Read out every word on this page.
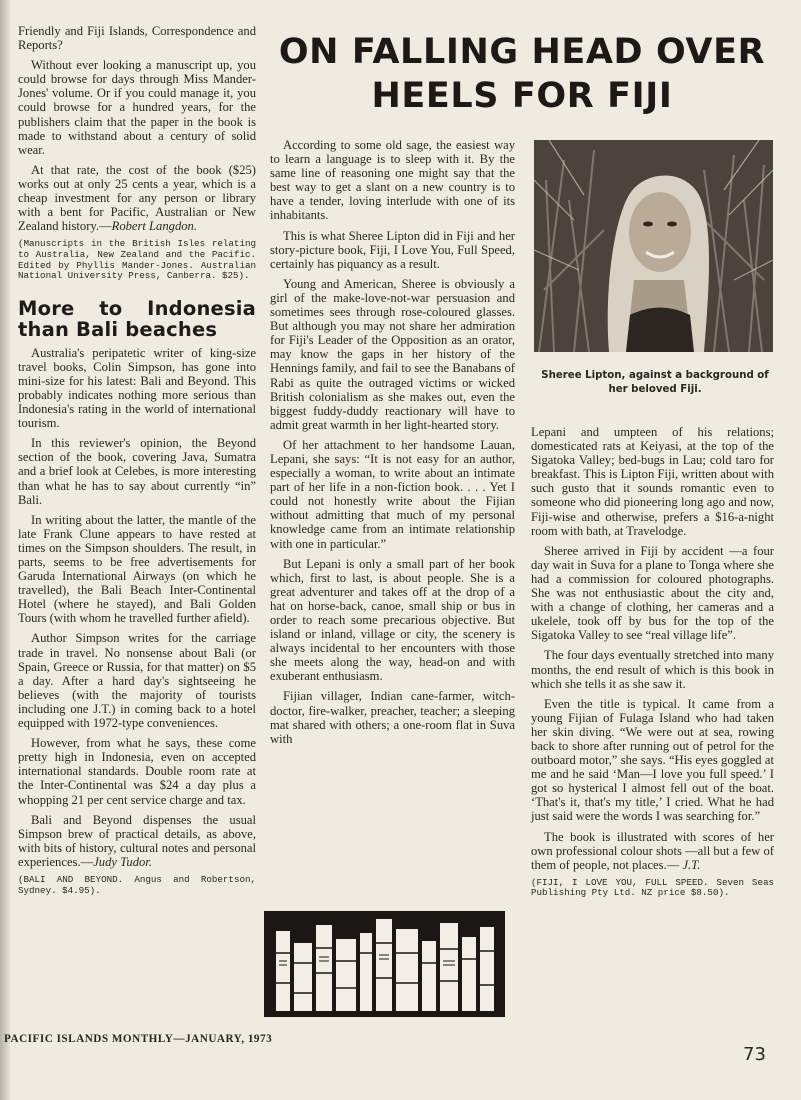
Friendly and Fiji Islands, Correspondence and Reports?

Without ever looking a manuscript up, you could browse for days through Miss Mander-Jones' volume. Or if you could manage it, you could browse for a hundred years, for the publishers claim that the paper in the book is made to withstand about a century of solid wear.

At that rate, the cost of the book ($25) works out at only 25 cents a year, which is a cheap investment for any person or library with a bent for Pacific, Australian or New Zealand history.—Robert Langdon.

(Manuscripts in the British Isles relating to Australia, New Zealand and the Pacific. Edited by Phyllis Mander-Jones. Australian National University Press, Canberra. $25).

More to Indonesia than Bali beaches

Australia's peripatetic writer of king-size travel books, Colin Simpson, has gone into mini-size for his latest: Bali and Beyond. This probably indicates nothing more serious than Indonesia's rating in the world of international tourism.

In this reviewer's opinion, the Beyond section of the book, covering Java, Sumatra and a brief look at Celebes, is more interesting than what he has to say about currently “in” Bali.

In writing about the latter, the mantle of the late Frank Clune appears to have rested at times on the Simpson shoulders. The result, in parts, seems to be free advertisements for Garuda International Airways (on which he travelled), the Bali Beach Inter-Continental Hotel (where he stayed), and Bali Golden Tours (with whom he travelled further afield).

Author Simpson writes for the carriage trade in travel. No nonsense about Bali (or Spain, Greece or Russia, for that matter) on $5 a day. After a hard day's sightseeing he believes (with the majority of tourists including one J.T.) in coming back to a hotel equipped with 1972-type conveniences.

However, from what he says, these come pretty high in Indonesia, even on accepted international standards. Double room rate at the Inter-Continental was $24 a day plus a whopping 21 per cent service charge and tax.

Bali and Beyond dispenses the usual Simpson brew of practical details, as above, with bits of history, cultural notes and personal experiences.—Judy Tudor.

(BALI AND BEYOND. Angus and Robertson, Sydney. $4.95).

ON FALLING HEAD OVER HEELS FOR FIJI

According to some old sage, the easiest way to learn a language is to sleep with it. By the same line of reasoning one might say that the best way to get a slant on a new country is to have a tender, loving interlude with one of its inhabitants.

This is what Sheree Lipton did in Fiji and her story-picture book, Fiji, I Love You, Full Speed, certainly has piquancy as a result.

Young and American, Sheree is obviously a girl of the make-love-not-war persuasion and sometimes sees through rose-coloured glasses. But although you may not share her admiration for Fiji's Leader of the Opposition as an orator, may know the gaps in her history of the Hennings family, and fail to see the Banabans of Rabi as quite the outraged victims or wicked British colonialism as she makes out, even the biggest fuddy-duddy reactionary will have to admit great warmth in her light-hearted story.

Of her attachment to her handsome Lauan, Lepani, she says: “It is not easy for an author, especially a woman, to write about an intimate part of her life in a non-fiction book. . . . Yet I could not honestly write about the Fijian without admitting that much of my personal knowledge came from an intimate relationship with one in particular.”

But Lepani is only a small part of her book which, first to last, is about people. She is a great adventurer and takes off at the drop of a hat on horse-back, canoe, small ship or bus in order to reach some precarious objective. But island or inland, village or city, the scenery is always incidental to her encounters with those she meets along the way, head-on and with exuberant enthusiasm.

Fijian villager, Indian cane-farmer, witch-doctor, fire-walker, preacher, teacher; a sleeping mat shared with others; a one-room flat in Suva with

Sheree Lipton, against a background of her beloved Fiji.

Lepani and umpteen of his relations; domesticated rats at Keiyasi, at the top of the Sigatoka Valley; bed-bugs in Lau; cold taro for breakfast. This is Lipton Fiji, written about with such gusto that it sounds romantic even to someone who did pioneering long ago and now, Fiji-wise and otherwise, prefers a $16-a-night room with bath, at Travelodge.

Sheree arrived in Fiji by accident —a four day wait in Suva for a plane to Tonga where she had a commission for coloured photographs. She was not enthusiastic about the city and, with a change of clothing, her cameras and a ukelele, took off by bus for the top of the Sigatoka Valley to see “real village life”.

The four days eventually stretched into many months, the end result of which is this book in which she tells it as she saw it.

Even the title is typical. It came from a young Fijian of Fulaga Island who had taken her skin diving. “We were out at sea, rowing back to shore after running out of petrol for the outboard motor,” she says. “His eyes goggled at me and he said ‘Man—I love you full speed.’ I got so hysterical I almost fell out of the boat. ‘That's it, that's my title,’ I cried. What he had just said were the words I was searching for.”

The book is illustrated with scores of her own professional colour shots —all but a few of them of people, not places.— J.T.

(FIJI, I LOVE YOU, FULL SPEED. Seven Seas Publishing Pty Ltd. NZ price $8.50).

PACIFIC ISLANDS MONTHLY—JANUARY, 1973
73
